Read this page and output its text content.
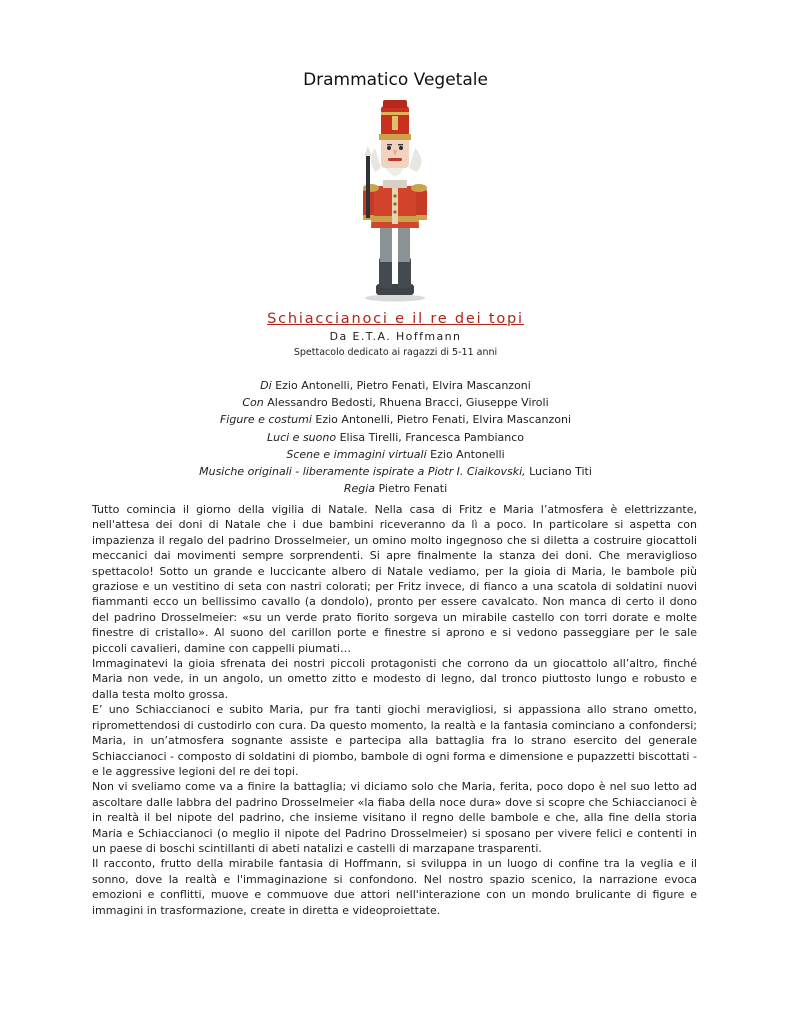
Drammatico Vegetale
Schiaccianoci e il re dei topi
Da E.T.A. Hoffmann
Spettacolo dedicato ai ragazzi di 5-11 anni
Di Ezio Antonelli, Pietro Fenati, Elvira Mascanzoni
Con Alessandro Bedosti, Rhuena Bracci, Giuseppe Viroli
Figure e costumi Ezio Antonelli, Pietro Fenati, Elvira Mascanzoni
Luci e suono Elisa Tirelli, Francesca Pambianco
Scene e immagini virtuali Ezio Antonelli
Musiche originali - liberamente ispirate a Piotr I. Ciaikovski, Luciano Titi
Regia Pietro Fenati

Tutto comincia il giorno della vigilia di Natale. Nella casa di Fritz e Maria l’atmosfera è elettrizzante, nell'attesa dei doni di Natale che i due bambini riceveranno da lì a poco. In particolare si aspetta con impazienza il regalo del padrino Drosselmeier, un omino molto ingegnoso che si diletta a costruire giocattoli meccanici dai movimenti sempre sorprendenti. Si apre finalmente la stanza dei doni. Che meraviglioso spettacolo! Sotto un grande e luccicante albero di Natale vediamo, per la gioia di Maria, le bambole più graziose e un vestitino di seta con nastri colorati; per Fritz invece, di fianco a una scatola di soldatini nuovi fiammanti ecco un bellissimo cavallo (a dondolo), pronto per essere cavalcato. Non manca di certo il dono del padrino Drosselmeier: «su un verde prato fiorito sorgeva un mirabile castello con torri dorate e molte finestre di cristallo». Al suono del carillon porte e finestre si aprono e si vedono passeggiare per le sale piccoli cavalieri, damine con cappelli piumati…

Immaginatevi la gioia sfrenata dei nostri piccoli protagonisti che corrono da un giocattolo all’altro, finché Maria non vede, in un angolo, un ometto zitto e modesto di legno, dal tronco piuttosto lungo e robusto e dalla testa molto grossa.

E’ uno Schiaccianoci e subito Maria, pur fra tanti giochi meravigliosi, si appassiona allo strano ometto, ripromettendosi di custodirlo con cura. Da questo momento, la realtà e la fantasia cominciano a confondersi; Maria, in un’atmosfera sognante assiste e partecipa alla battaglia fra lo strano esercito del generale Schiaccianoci - composto di soldatini di piombo, bambole di ogni forma e dimensione e pupazzetti biscottati - e le aggressive legioni del re dei topi.

Non vi sveliamo come va a finire la battaglia; vi diciamo solo che Maria, ferita, poco dopo è nel suo letto ad ascoltare dalle labbra del padrino Drosselmeier «la fiaba della noce dura» dove si scopre che Schiaccianoci è in realtà il bel nipote del padrino, che insieme visitano il regno delle bambole e che, alla fine della storia Maria e Schiaccianoci (o meglio il nipote del Padrino Drosselmeier) si sposano per vivere felici e contenti in un paese di boschi scintillanti di abeti natalizi e castelli di marzapane trasparenti.

Il racconto, frutto della mirabile fantasia di Hoffmann, si sviluppa in un luogo di confine tra la veglia e il sonno, dove la realtà e l'immaginazione si confondono. Nel nostro spazio scenico, la narrazione evoca emozioni e conflitti, muove e commuove due attori nell'interazione con un mondo brulicante di figure e immagini in trasformazione, create in diretta e videoproiettate.
